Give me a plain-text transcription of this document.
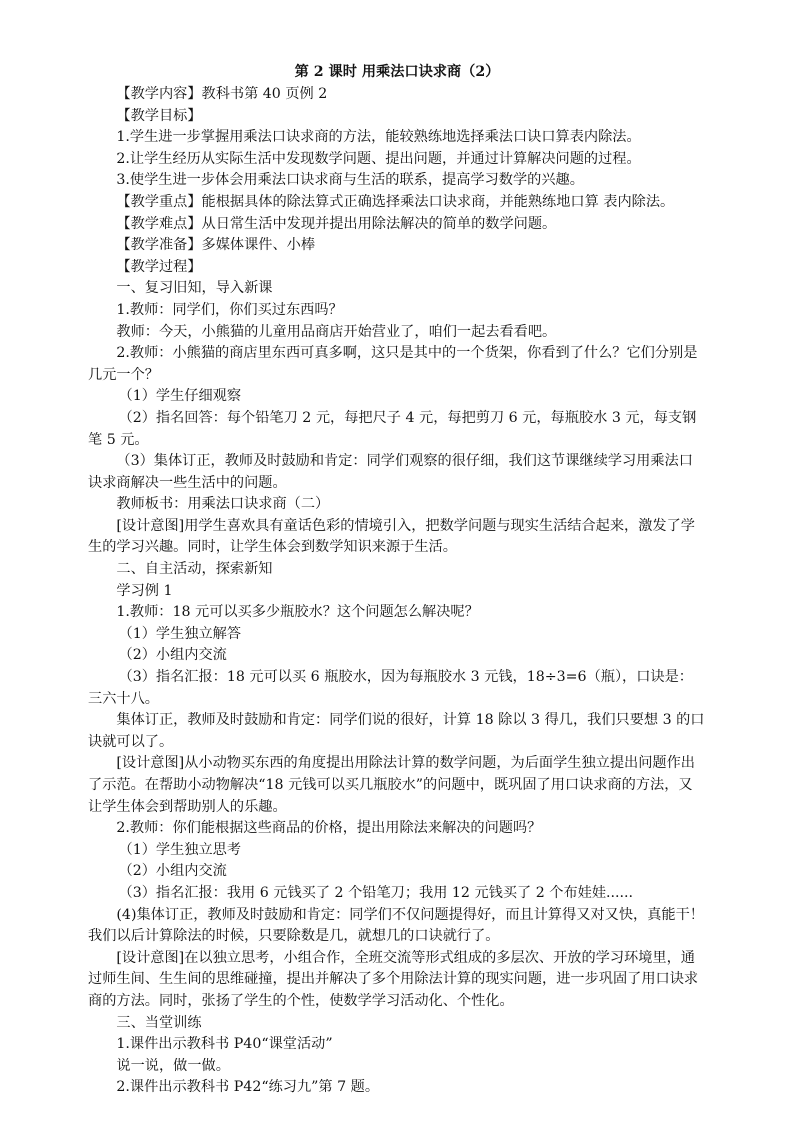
第 2 课时 用乘法口诀求商（2）

【教学内容】教科书第 40 页例 2

【教学目标】

1.学生进一步掌握用乘法口诀求商的方法，能较熟练地选择乘法口诀口算表内除法。

2.让学生经历从实际生活中发现数学问题、提出问题，并通过计算解决问题的过程。

3.使学生进一步体会用乘法口诀求商与生活的联系，提高学习数学的兴趣。

【教学重点】能根据具体的除法算式正确选择乘法口诀求商，并能熟练地口算 表内除法。

【教学难点】从日常生活中发现并提出用除法解决的简单的数学问题。

【教学准备】多媒体课件、小棒

【教学过程】

一、复习旧知，导入新课

1.教师：同学们，你们买过东西吗？

教师：今天，小熊猫的儿童用品商店开始营业了，咱们一起去看看吧。

2.教师：小熊猫的商店里东西可真多啊，这只是其中的一个货架，你看到了什么？它们分别是几元一个？

（1）学生仔细观察

（2）指名回答：每个铅笔刀 2 元，每把尺子 4 元，每把剪刀 6 元，每瓶胶水 3 元，每支钢笔 5 元。

（3）集体订正，教师及时鼓励和肯定：同学们观察的很仔细，我们这节课继续学习用乘法口诀求商解决一些生活中的问题。

教师板书：用乘法口诀求商（二）

[设计意图]用学生喜欢具有童话色彩的情境引入，把数学问题与现实生活结合起来，激发了学生的学习兴趣。同时，让学生体会到数学知识来源于生活。

二、自主活动，探索新知

学习例 1

1.教师：18 元可以买多少瓶胶水？这个问题怎么解决呢？

（1）学生独立解答

（2）小组内交流

（3）指名汇报：18 元可以买 6 瓶胶水，因为每瓶胶水 3 元钱，18÷3=6（瓶），口诀是：三六十八。

集体订正，教师及时鼓励和肯定：同学们说的很好，计算 18 除以 3 得几，我们只要想 3 的口诀就可以了。

[设计意图]从小动物买东西的角度提出用除法计算的数学问题，为后面学生独立提出问题作出了示范。在帮助小动物解决“18 元钱可以买几瓶胶水”的问题中，既巩固了用口诀求商的方法，又让学生体会到帮助别人的乐趣。

2.教师：你们能根据这些商品的价格，提出用除法来解决的问题吗？

（1）学生独立思考

（2）小组内交流

（3）指名汇报：我用 6 元钱买了 2 个铅笔刀；我用 12 元钱买了 2 个布娃娃......

(4)集体订正，教师及时鼓励和肯定：同学们不仅问题提得好，而且计算得又对又快，真能干！我们以后计算除法的时候，只要除数是几，就想几的口诀就行了。

[设计意图]在以独立思考，小组合作，全班交流等形式组成的多层次、开放的学习环境里，通过师生间、生生间的思维碰撞，提出并解决了多个用除法计算的现实问题，进一步巩固了用口诀求商的方法。同时，张扬了学生的个性，使数学学习活动化、个性化。

三、当堂训练

1.课件出示教科书 P40“课堂活动”

说一说，做一做。

2.课件出示教科书 P42“练习九”第 7 题。
